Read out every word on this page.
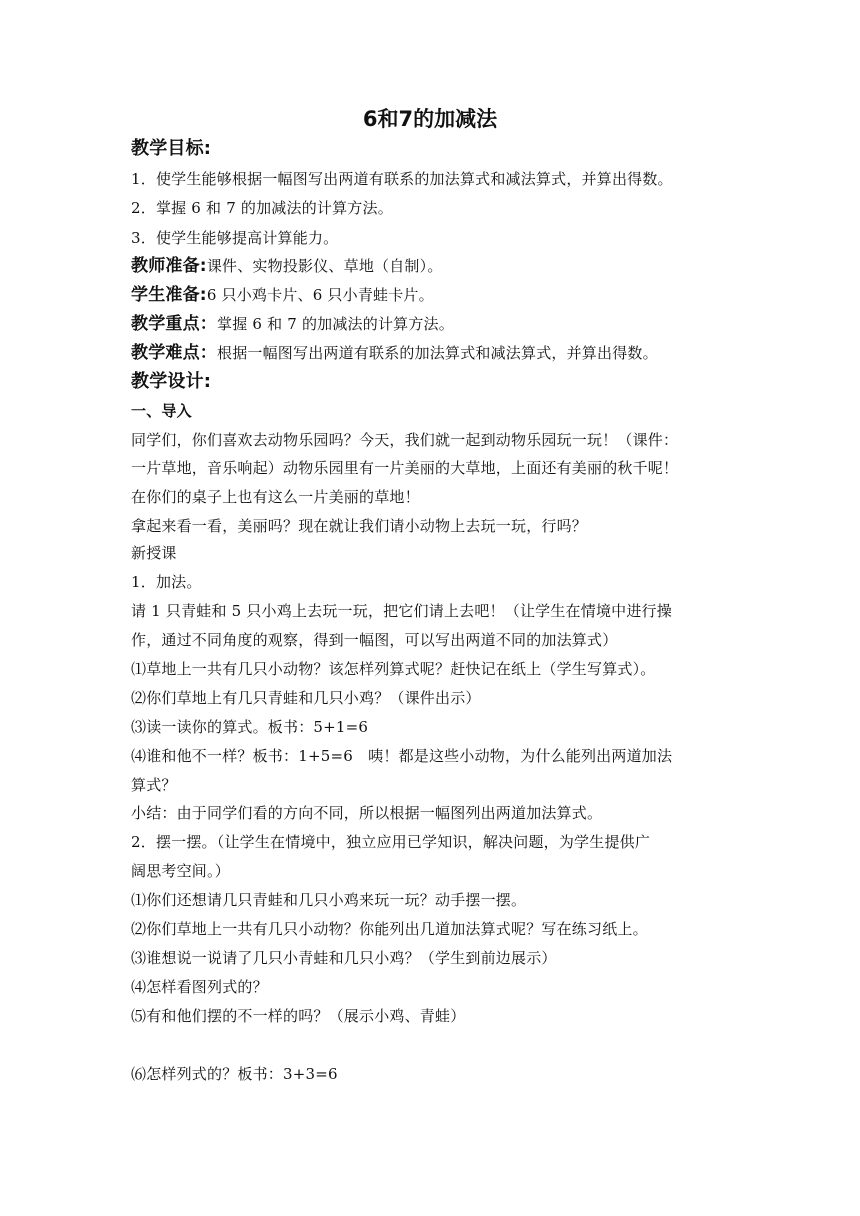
6和7的加减法
教学目标:
1．使学生能够根据一幅图写出两道有联系的加法算式和减法算式，并算出得数。
2．掌握 6 和 7 的加减法的计算方法。
3．使学生能够提高计算能力。
教师准备:课件、实物投影仪、草地（自制）。
学生准备:6 只小鸡卡片、6 只小青蛙卡片。
教学重点：掌握 6 和 7 的加减法的计算方法。
教学难点：根据一幅图写出两道有联系的加法算式和减法算式，并算出得数。
教学设计:
一、导入
同学们，你们喜欢去动物乐园吗？今天，我们就一起到动物乐园玩一玩！（课件：
一片草地，音乐响起）动物乐园里有一片美丽的大草地，上面还有美丽的秋千呢！
在你们的桌子上也有这么一片美丽的草地！
拿起来看一看，美丽吗？现在就让我们请小动物上去玩一玩，行吗？
新授课
1．加法。
请 1 只青蛙和 5 只小鸡上去玩一玩，把它们请上去吧！（让学生在情境中进行操
作，通过不同角度的观察，得到一幅图，可以写出两道不同的加法算式）
⑴草地上一共有几只小动物？该怎样列算式呢？赶快记在纸上（学生写算式）。
⑵你们草地上有几只青蛙和几只小鸡？（课件出示）
⑶读一读你的算式。板书：5+1=6
⑷谁和他不一样？板书：1+5=6　咦！都是这些小动物，为什么能列出两道加法
算式？
小结：由于同学们看的方向不同，所以根据一幅图列出两道加法算式。
2．摆一摆。（让学生在情境中，独立应用已学知识，解决问题，为学生提供广
阔思考空间。）
⑴你们还想请几只青蛙和几只小鸡来玩一玩？动手摆一摆。
⑵你们草地上一共有几只小动物？你能列出几道加法算式呢？写在练习纸上。
⑶谁想说一说请了几只小青蛙和几只小鸡？（学生到前边展示）
⑷怎样看图列式的？
⑸有和他们摆的不一样的吗？（展示小鸡、青蛙）
⑹怎样列式的？板书：3+3=6
